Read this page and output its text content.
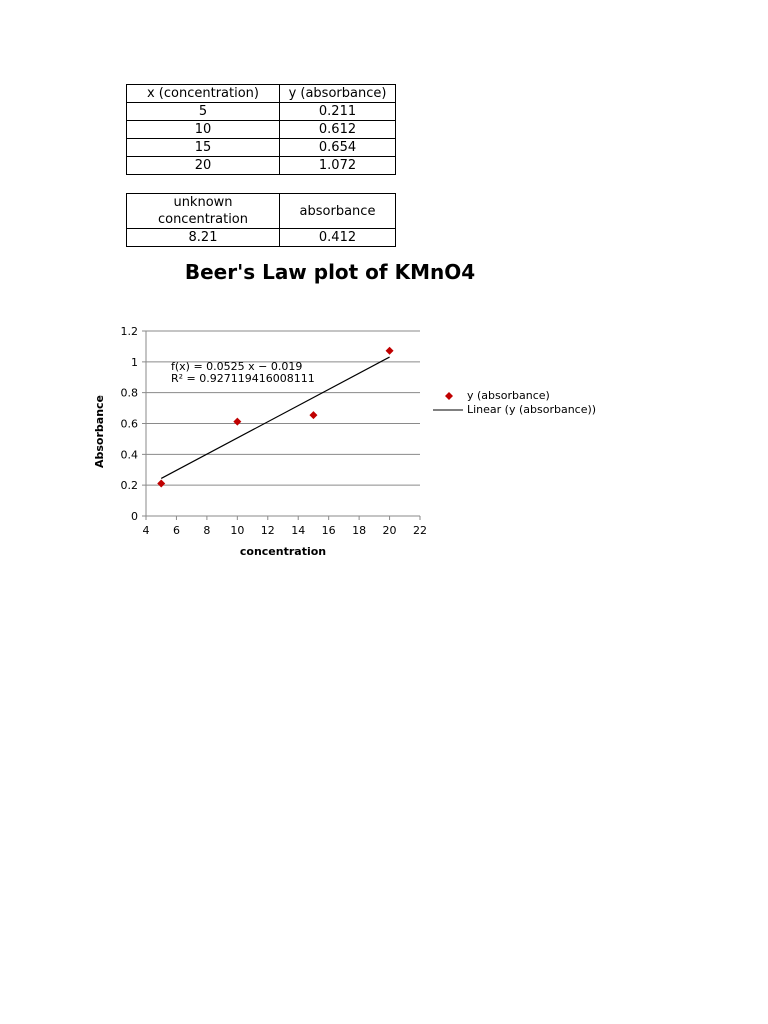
x (concentration)	y (absorbance)
5	0.211
10	0.612
15	0.654
20	1.072
unknown concentration	absorbance
8.21	0.412
Beer's Law plot of KMnO4
0
0.2
0.4
0.6
0.8
1
1.2
4 6 8 10 12 14 16 18 20 22
concentration
Absorbance
f(x) = 0.0525 x − 0.019
R² = 0.927119416008111
y (absorbance)
Linear (y (absorbance))
